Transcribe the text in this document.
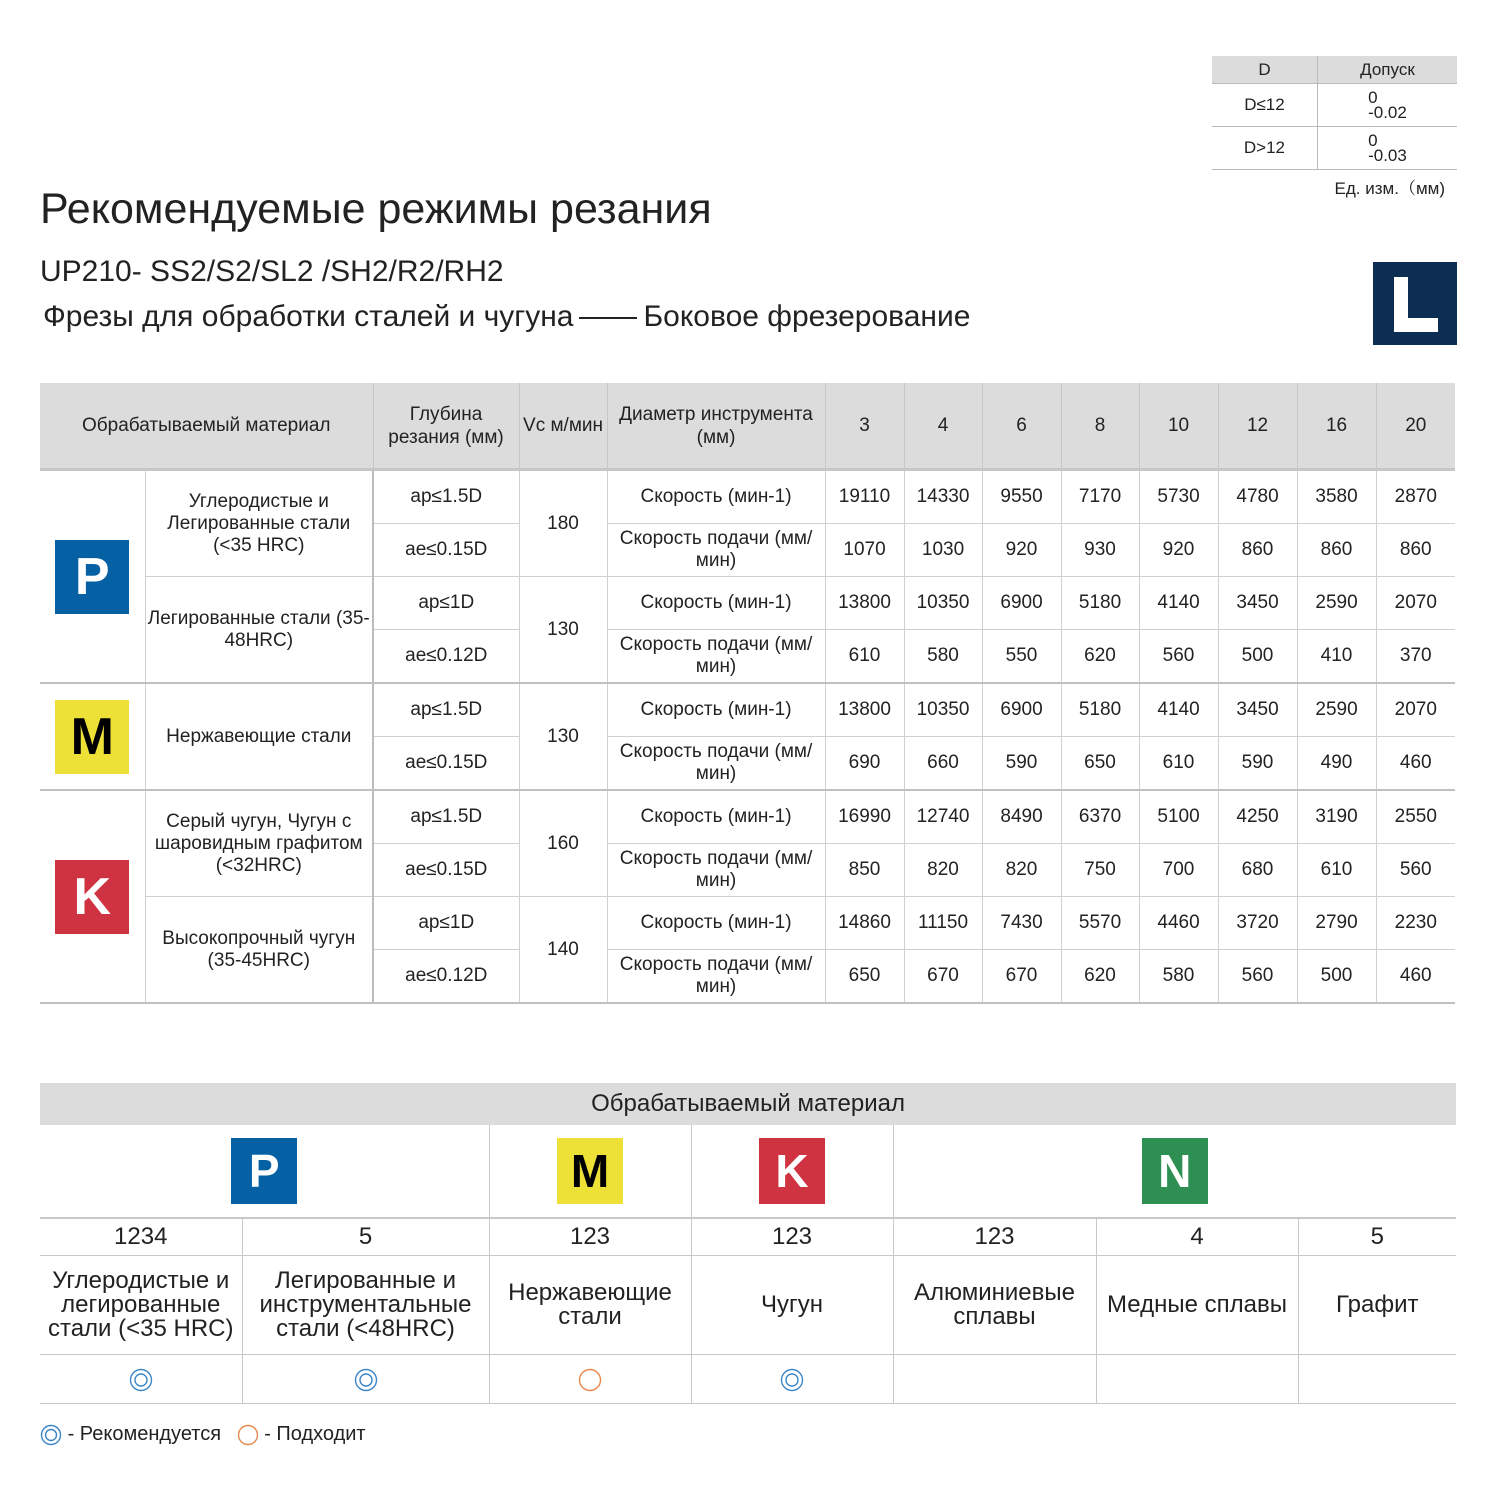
D	Допуск
D≤12	0
-0.02
D>12	0
-0.03
Ед. изм.（мм)
Рекомендуемые режимы резания
UP210- SS2/S2/SL2 /SH2/R2/RH2
Фрезы для обработки сталей и чугуна Боковое фрезерование
Обрабатываемый материал		Глубина резания (мм)	Vc м/мин	Диаметр инструмента (мм)	3	4	6	8	10	12	16	20
P	Углеродистые и Легированные стали (<35 HRC)	ap≤1.5D	180	Скорость (мин-1)	19110	14330	9550	7170	5730	4780	3580	2870
		ae≤0.15D		Скорость подачи (мм/мин)	1070	1030	920	930	920	860	860	860
	Легированные стали (35-48HRC)	ap≤1D	130	Скорость (мин-1)	13800	10350	6900	5180	4140	3450	2590	2070
		ae≤0.12D		Скорость подачи (мм/мин)	610	580	550	620	560	500	410	370
M	Нержавеющие стали	ap≤1.5D	130	Скорость (мин-1)	13800	10350	6900	5180	4140	3450	2590	2070
		ae≤0.15D		Скорость подачи (мм/мин)	690	660	590	650	610	590	490	460
K	Серый чугун, Чугун с шаровидным графитом (<32HRC)	ap≤1.5D	160	Скорость (мин-1)	16990	12740	8490	6370	5100	4250	3190	2550
		ae≤0.15D		Скорость подачи (мм/мин)	850	820	820	750	700	680	610	560
	Высокопрочный чугун (35-45HRC)	ap≤1D	140	Скорость (мин-1)	14860	11150	7430	5570	4460	3720	2790	2230
		ae≤0.12D		Скорость подачи (мм/мин)	650	670	670	620	580	560	500	460
Обрабатываемый материал						
P		M	K	N		
1234	5	123	123	123	4	5
Углеродистые и легированные стали (<35 HRC)	Легированные и инструментальные стали (<48HRC)	Нержавеющие стали	Чугун	Алюминиевые сплавы	Медные сплавы	Графит

- Рекомендуется - Подходит
